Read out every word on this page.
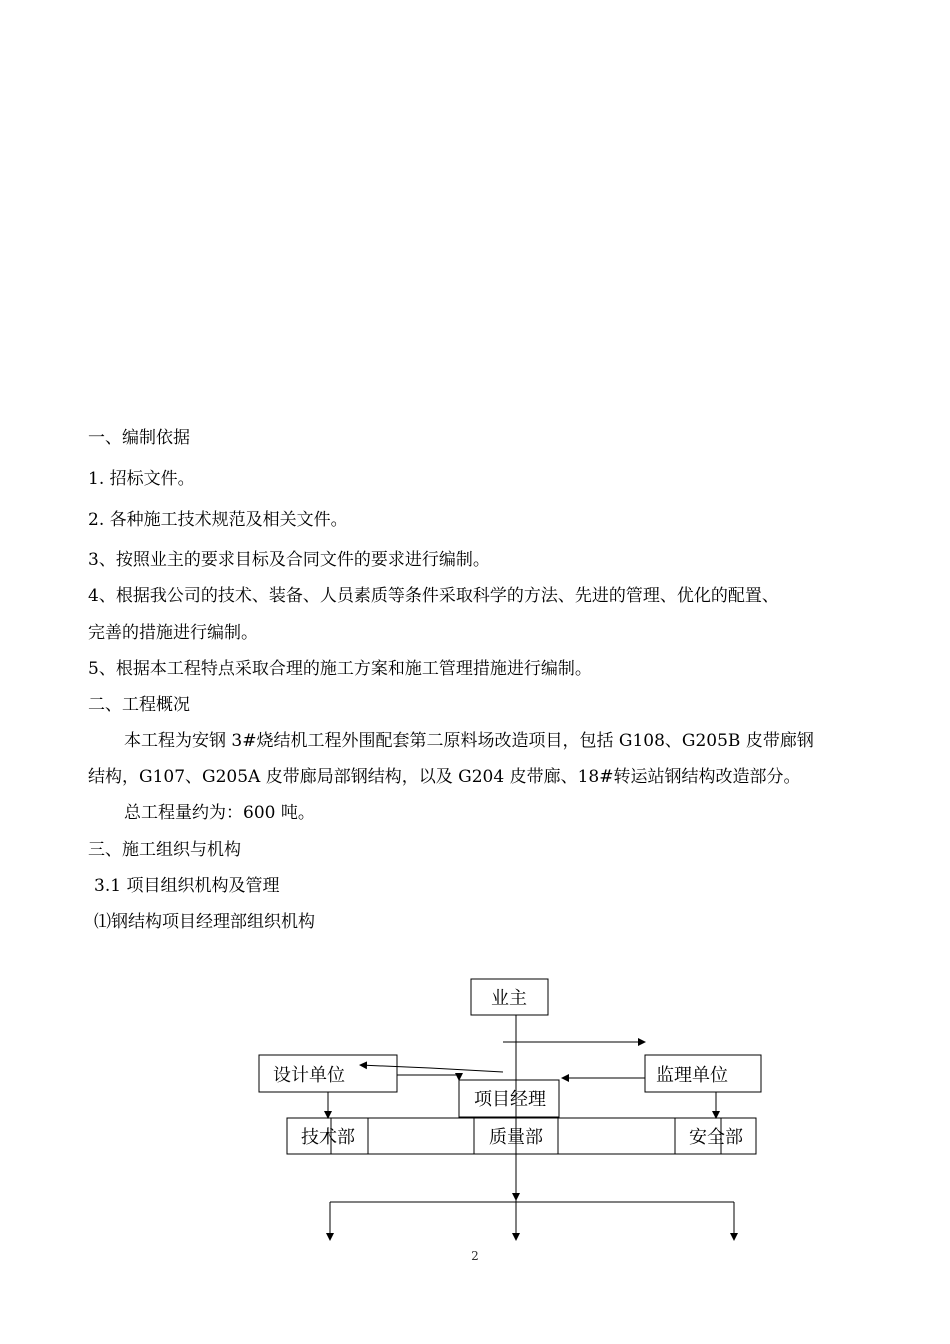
一、编制依据
1. 招标文件。
2. 各种施工技术规范及相关文件。
3、按照业主的要求目标及合同文件的要求进行编制。
4、根据我公司的技术、装备、人员素质等条件采取科学的方法、先进的管理、优化的配置、
完善的措施进行编制。
5、根据本工程特点采取合理的施工方案和施工管理措施进行编制。
二、工程概况
本工程为安钢 3#烧结机工程外围配套第二原料场改造项目，包括 G108、G205B 皮带廊钢
结构，G107、G205A 皮带廊局部钢结构，以及 G204 皮带廊、18#转运站钢结构改造部分。
总工程量约为：600 吨。
三、施工组织与机构
3.1 项目组织机构及管理
⑴钢结构项目经理部组织机构
业主
设计单位	监理单位
项目经理
技术部	质量部	安全部
2
